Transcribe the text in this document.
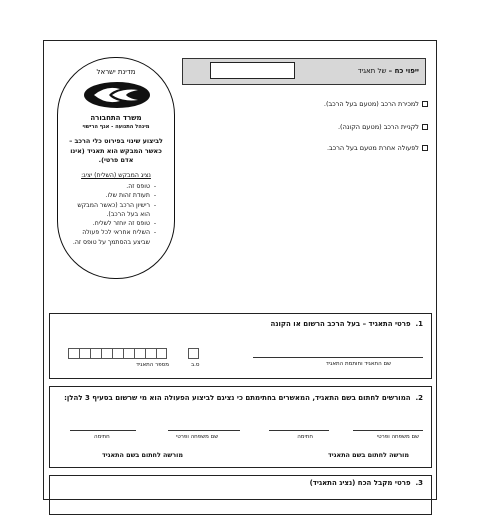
ייפוי כח – של תאגיד
מדינת ישראל
משרד התחבורה
מינהל התנועה - אגף הרישוי
לביצוע שינוי בפירוט כלי הרכב – כאשר המבקש הוא תאגיד (אינו אדם פרטי).
נציג המבקש (השליח) יציג:
- טופס זה.
- תעודת זהות שלו.
- רישיון הרכב (כאשר המבקש הוא בעל הרכב).
- טופס זה יוחזר לשליח.
- השליח אחראי לכל פעולה שביצע בהסתמך על טופס זה.
למכירת הרכב (מטעם בעל הרכב).
לקניית הרכב (מטעם הקונה).
לפעולה אחרת מטעם בעל הרכב.
1.  פרטי התאגיד – בעל הרכב הרשום או הקונה
שם התאגיד וחותמת התאגיד
ס.ב
מספר התאגיד
2.  המורשים לחתום בשם התאגיד, המאשרים בחתימתם כי נציגם לביצוע הפעולה הוא מי שרשום בסעיף 3 להלן:
שם משפחה ופרטי
חתימה
מורשה לחתום בשם התאגיד
שם משפחה ופרטי
חתימה
מורשה לחתום בשם התאגיד
3.  פרטי מקבל הכח (נציג התאגיד)
